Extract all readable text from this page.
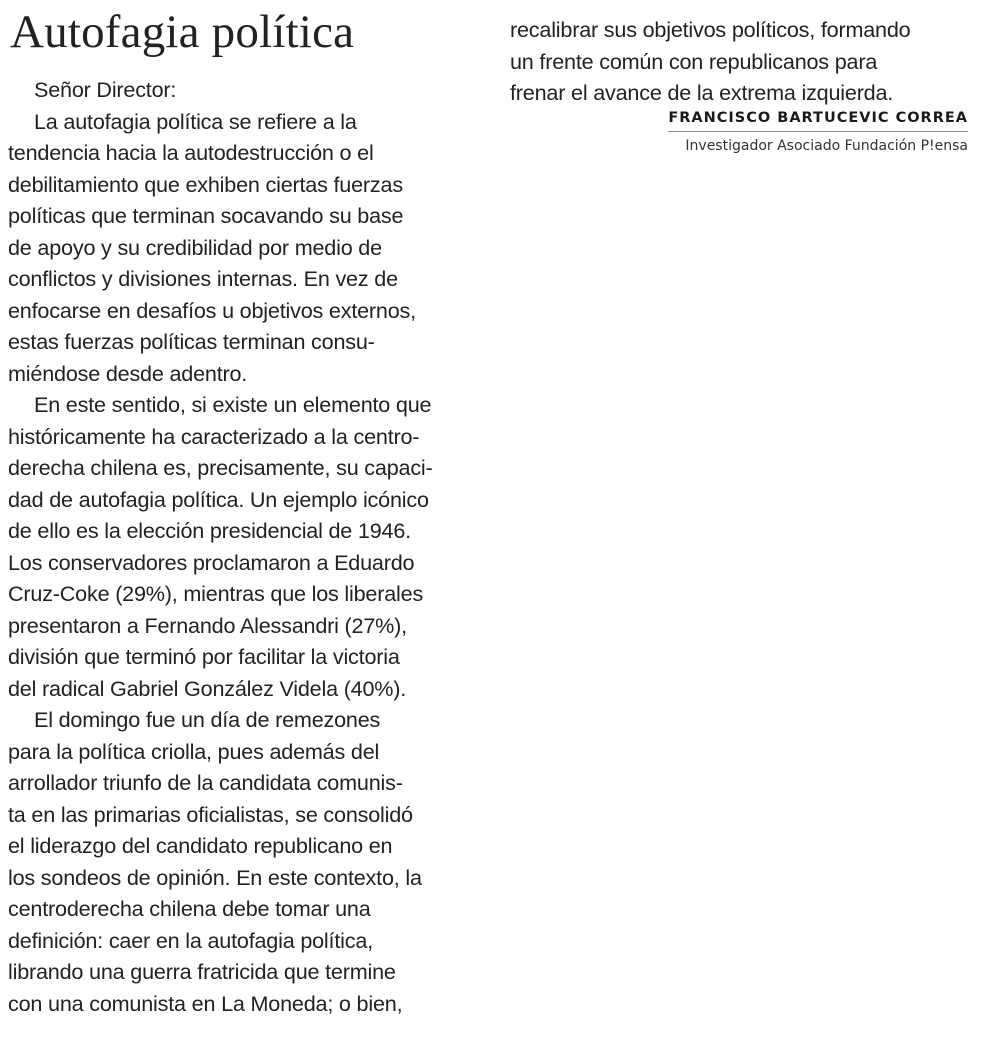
Autofagia política

Señor Director:
La autofagia política se refiere a la
tendencia hacia la autodestrucción o el
debilitamiento que exhiben ciertas fuerzas
políticas que terminan socavando su base
de apoyo y su credibilidad por medio de
conflictos y divisiones internas. En vez de
enfocarse en desafíos u objetivos externos,
estas fuerzas políticas terminan consu-
miéndose desde adentro.
En este sentido, si existe un elemento que
históricamente ha caracterizado a la centro-
derecha chilena es, precisamente, su capaci-
dad de autofagia política. Un ejemplo icónico
de ello es la elección presidencial de 1946.
Los conservadores proclamaron a Eduardo
Cruz-Coke (29%), mientras que los liberales
presentaron a Fernando Alessandri (27%),
división que terminó por facilitar la victoria
del radical Gabriel González Videla (40%).
El domingo fue un día de remezones
para la política criolla, pues además del
arrollador triunfo de la candidata comunis-
ta en las primarias oficialistas, se consolidó
el liderazgo del candidato republicano en
los sondeos de opinión. En este contexto, la
centroderecha chilena debe tomar una
definición: caer en la autofagia política,
librando una guerra fratricida que termine
con una comunista en La Moneda; o bien,

recalibrar sus objetivos políticos, formando
un frente común con republicanos para
frenar el avance de la extrema izquierda.

FRANCISCO BARTUCEVIC CORREA
Investigador Asociado Fundación P!ensa
